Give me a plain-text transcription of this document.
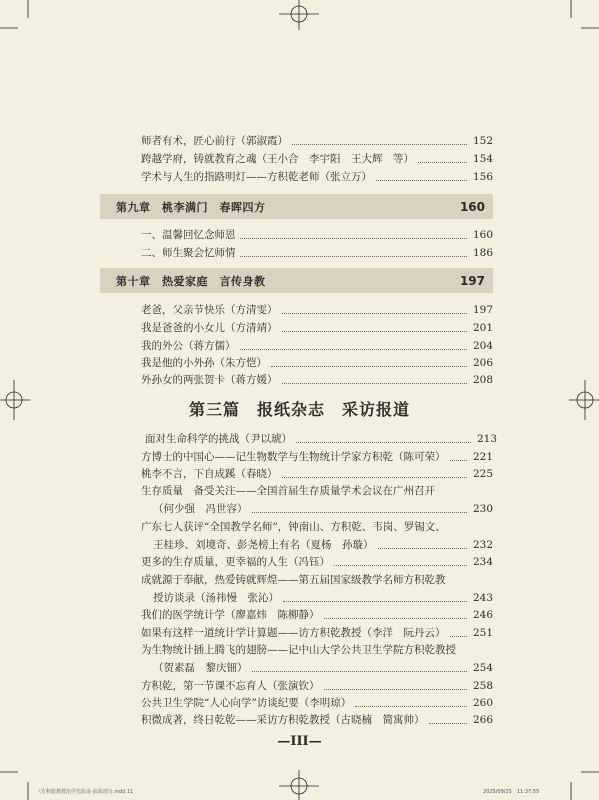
师者有术，匠心前行（郭淑霞）	152
跨越学府，铸就教育之魂（王小合　李宇阳　王大辉　等）	154
学术与人生的指路明灯——方积乾老师（张立万）	156
第九章　桃李满门　春晖四方	160
一、温馨回忆念师恩	160
二、师生聚会忆师情	186
第十章　热爱家庭　言传身教	197
老爸，父亲节快乐（方清雯）	197
我是爸爸的小女儿（方清靖）	201
我的外公（蒋方儒）	204
我是他的小外孙（朱方恺）	206
外孙女的两张贺卡（蒋方媛）	208
第三篇　报纸杂志　采访报道
面对生命科学的挑战（尹以琥）	213
方博士的中国心——记生物数学与生物统计学家方积乾（陈可荣）	221
桃李不言，下自成蹊（春晓）	225
生存质量　备受关注——全国首届生存质量学术会议在广州召开
（何少强　冯世容）	230
广东七人获评“全国教学名师”，钟南山、方积乾、韦岗、罗锡文、
王桂珍、刘境奇、彭尧榜上有名（夏杨　孙璇）	232
更多的生存质量，更幸福的人生（冯钰）	234
成就源于奉献，热爱铸就辉煌——第五届国家级教学名师方积乾教
授访谈录（汤祎慢　张沁）	243
我们的医学统计学（廖嘉炜　陈柳静）	246
如果有这样一道统计学计算题——访方积乾教授（李洋　阮丹云）	251
为生物统计插上腾飞的翅膀——记中山大学公共卫生学院方积乾教授
（贺素磊　黎庆钿）	254
方积乾，第一节课不忘育人（张演钦）	258
公共卫生学院“人心向学”访谈纪要（李明琼）	260
积微成著，终日乾乾——采访方积乾教授（古晓楠　简寓帅）	266
—III—
《方积乾教授治学先影录-前面部分.indd 11	2025/09/25　11:37:55
